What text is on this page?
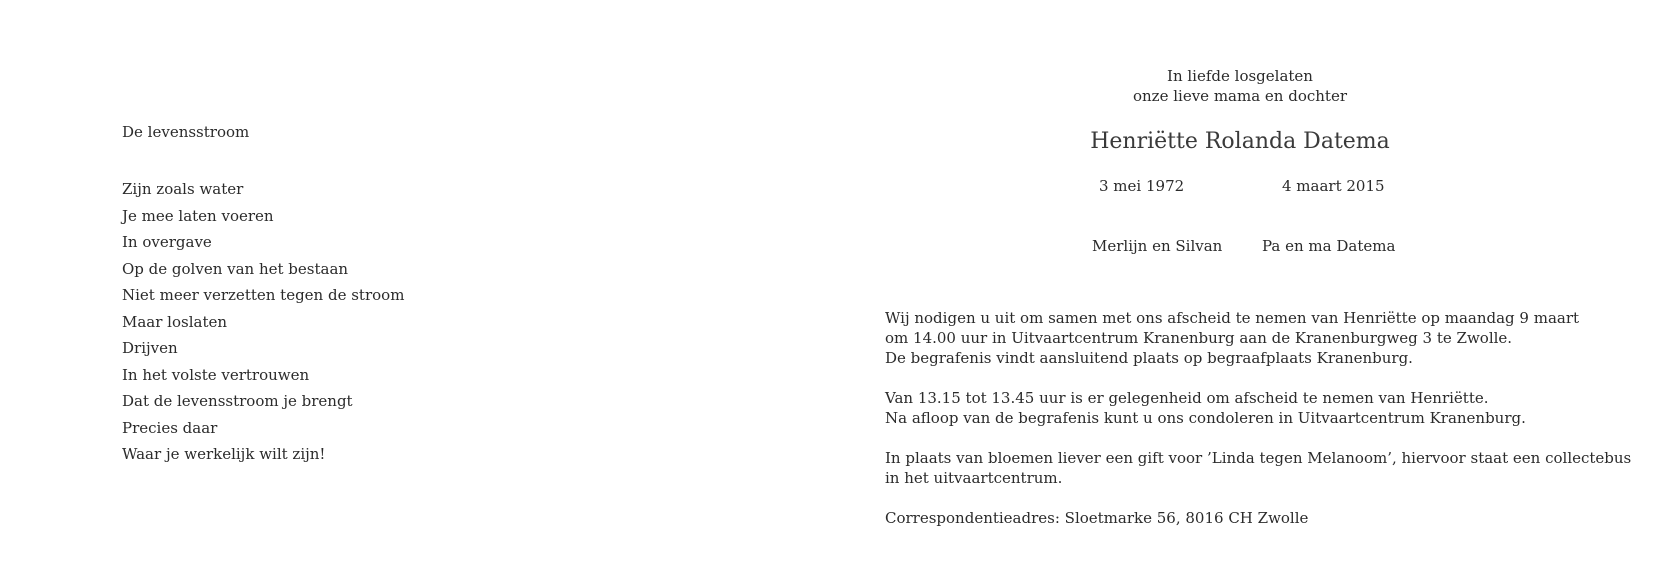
De levensstroom
Zijn zoals water
Je mee laten voeren
In overgave
Op de golven van het bestaan
Niet meer verzetten tegen de stroom
Maar loslaten
Drijven
In het volste vertrouwen
Dat de levensstroom je brengt
Precies daar
Waar je werkelijk wilt zijn!
In liefde losgelaten
onze lieve mama en dochter
Henriëtte Rolanda Datema
3 mei 1972	4 maart 2015
Merlijn en Silvan	Pa en ma Datema

Wij nodigen u uit om samen met ons afscheid te nemen van Henriëtte op maandag 9 maart
om 14.00 uur in Uitvaartcentrum Kranenburg aan de Kranenburgweg 3 te Zwolle.
De begrafenis vindt aansluitend plaats op begraafplaats Kranenburg.

Van 13.15 tot 13.45 uur is er gelegenheid om afscheid te nemen van Henriëtte.
Na afloop van de begrafenis kunt u ons condoleren in Uitvaartcentrum Kranenburg.

In plaats van bloemen liever een gift voor ’Linda tegen Melanoom’, hiervoor staat een collectebus
in het uitvaartcentrum.

Correspondentieadres: Sloetmarke 56, 8016 CH Zwolle
